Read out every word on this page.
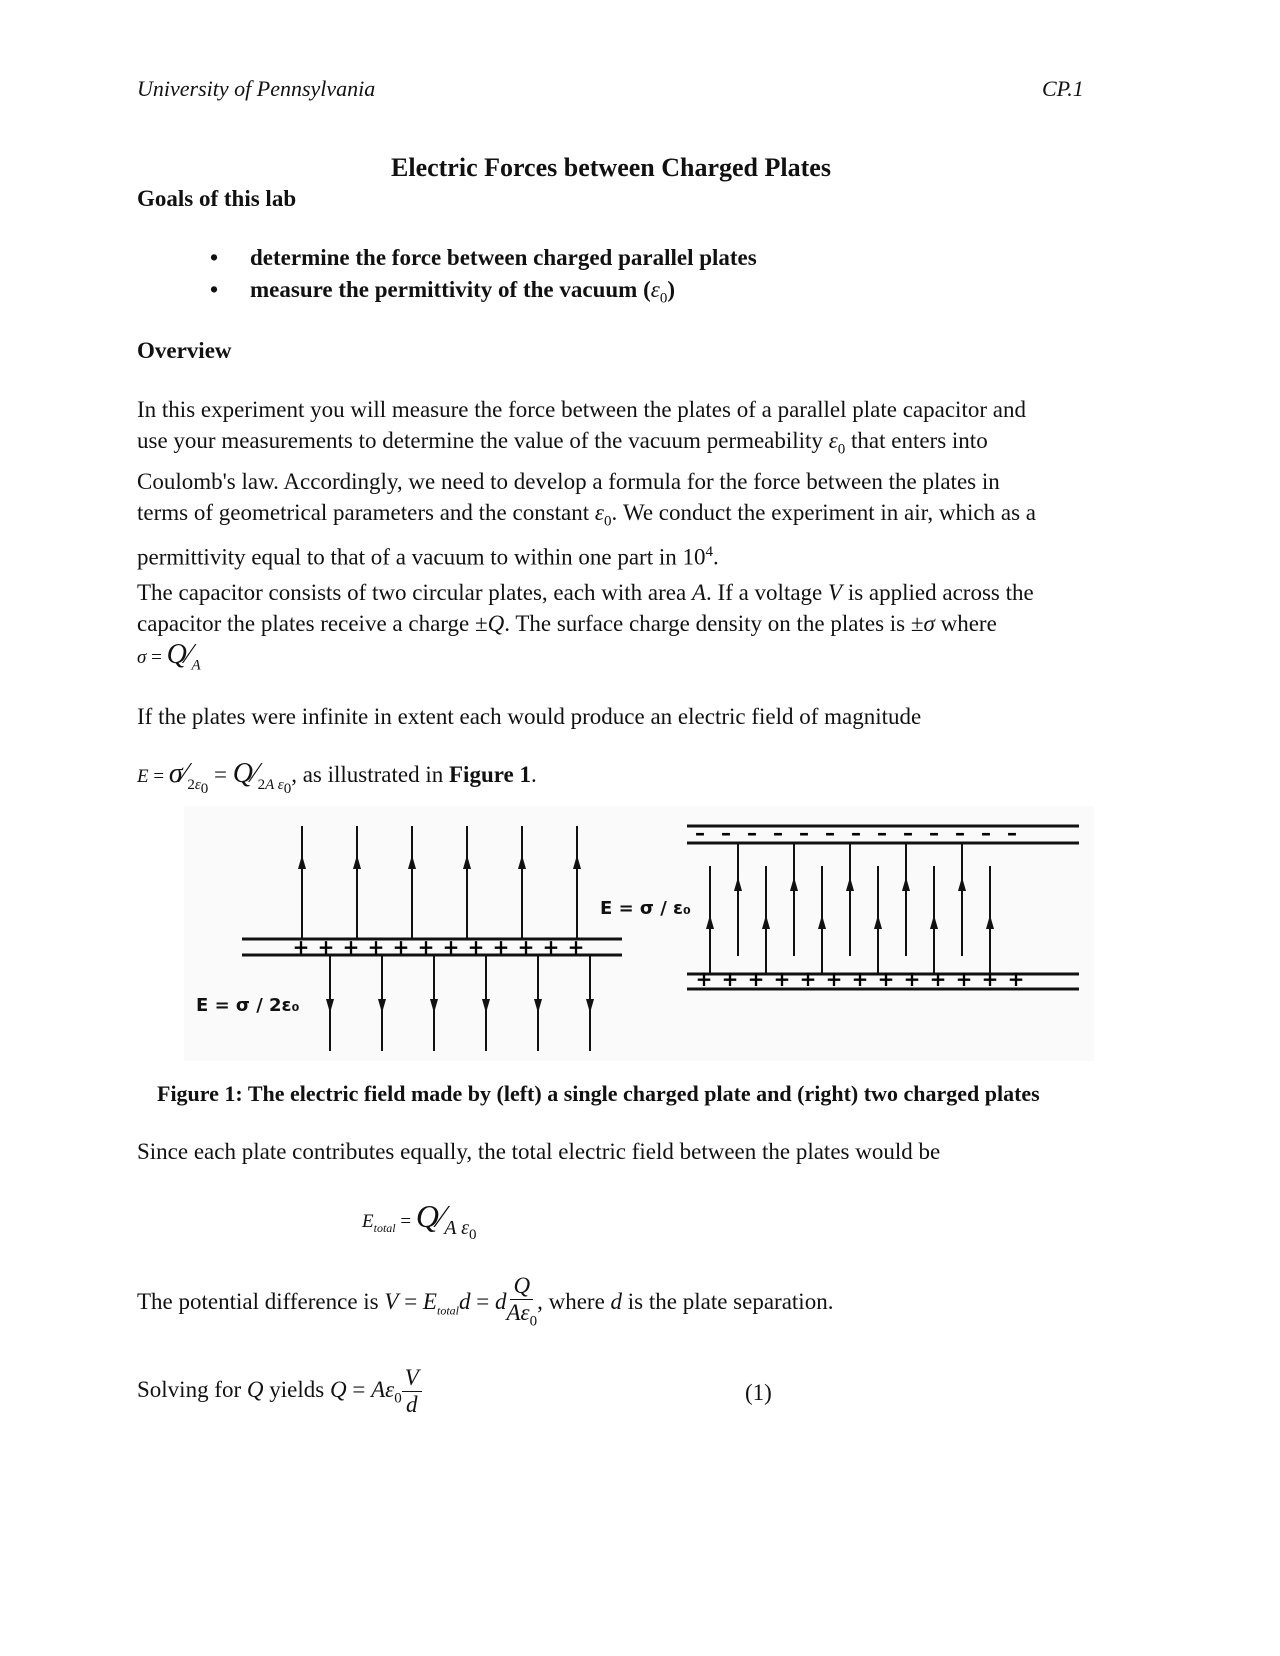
University of Pennsylvania	CP.1
Electric Forces between Charged Plates
Goals of this lab
• determine the force between charged parallel plates
• measure the permittivity of the vacuum $(\varepsilon_0)$
Overview
In this experiment you will measure the force between the plates of a parallel plate capacitor and
use your measurements to determine the value of the vacuum permeability $\varepsilon_0$ that enters into
Coulomb's law. Accordingly, we need to develop a formula for the force between the plates in
terms of geometrical parameters and the constant $\varepsilon_0$. We conduct the experiment in air, which as a
permittivity equal to that of a vacuum to within one part in $10^4$.
The capacitor consists of two circular plates, each with area A. If a voltage V is applied across the
capacitor the plates receive a charge ±Q. The surface charge density on the plates is ±σ where
$\sigma = Q⁄_A$
If the plates were infinite in extent each would produce an electric field of magnitude
$E = \sigma⁄_{2\varepsilon_0}$ = $Q⁄_{2A \varepsilon_0}$, as illustrated in Figure 1.
+ + + + + + + + + + + +
– – – – – – – – – – – – –
+ + + + + + + + + + + + +
E = σ / 2ε₀
E = σ / ε₀
Figure 1: The electric field made by (left) a single charged plate and (right) two charged plates
Since each plate contributes equally, the total electric field between the plates would be
$E_{total}$ = $Q⁄_{A \varepsilon_0}$
The potential difference is $V = E_{total}d = d \frac{Q}{A\varepsilon_0}$ , where d is the plate separation.
Solving for Q yields $Q = A\varepsilon_0 \frac{V}{d}$	(1)
